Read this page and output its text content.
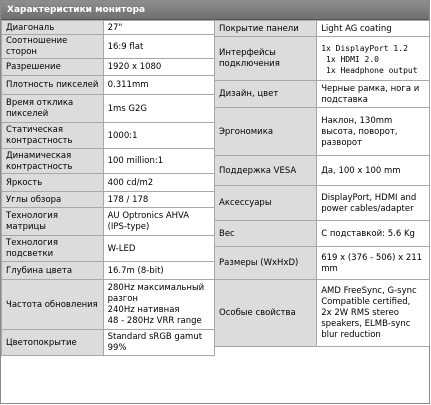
Характеристики монитора
Диагональ	27"

Соотношение сторон	16:9 flat

Разрешение	1920 x 1080

Плотность пикселей	0.311mm

Время отклика пикселей	1ms G2G

Статическая контрастность	1000:1

Динамическая контрастность	100 million:1

Яркость	400 cd/m2

Углы обзора	178 / 178

Технология матрицы	AU Optronics AHVA
(IPS-type)

Технология подсветки	W-LED

Глубина цвета	16.7m (8-bit)

Частота обновления	280Hz максимальный
разгон
240Hz нативная
48 - 280Hz VRR range

Цветопокрытие	Standard sRGB gamut
99%
Покрытие панели	Light AG coating

Интерфейсы подключения	1x DisplayPort 1.2
1x HDMI 2.0
1x Headphone output

Дизайн, цвет	Черные рамка, нога и
подставка

Эргономика	Наклон, 130mm
высота, поворот,
разворот

Поддержка VESA	Да, 100 x 100 mm

Аксессуары	DisplayPort, HDMI and
power cables/adapter

Вес	С подставкой: 5.6 Kg

Размеры (WxHxD)	619 x (376 - 506) x 211
mm

Особые свойства	AMD FreeSync, G-sync
Compatible certified,
2x 2W RMS stereo
speakers, ELMB-sync
blur reduction
